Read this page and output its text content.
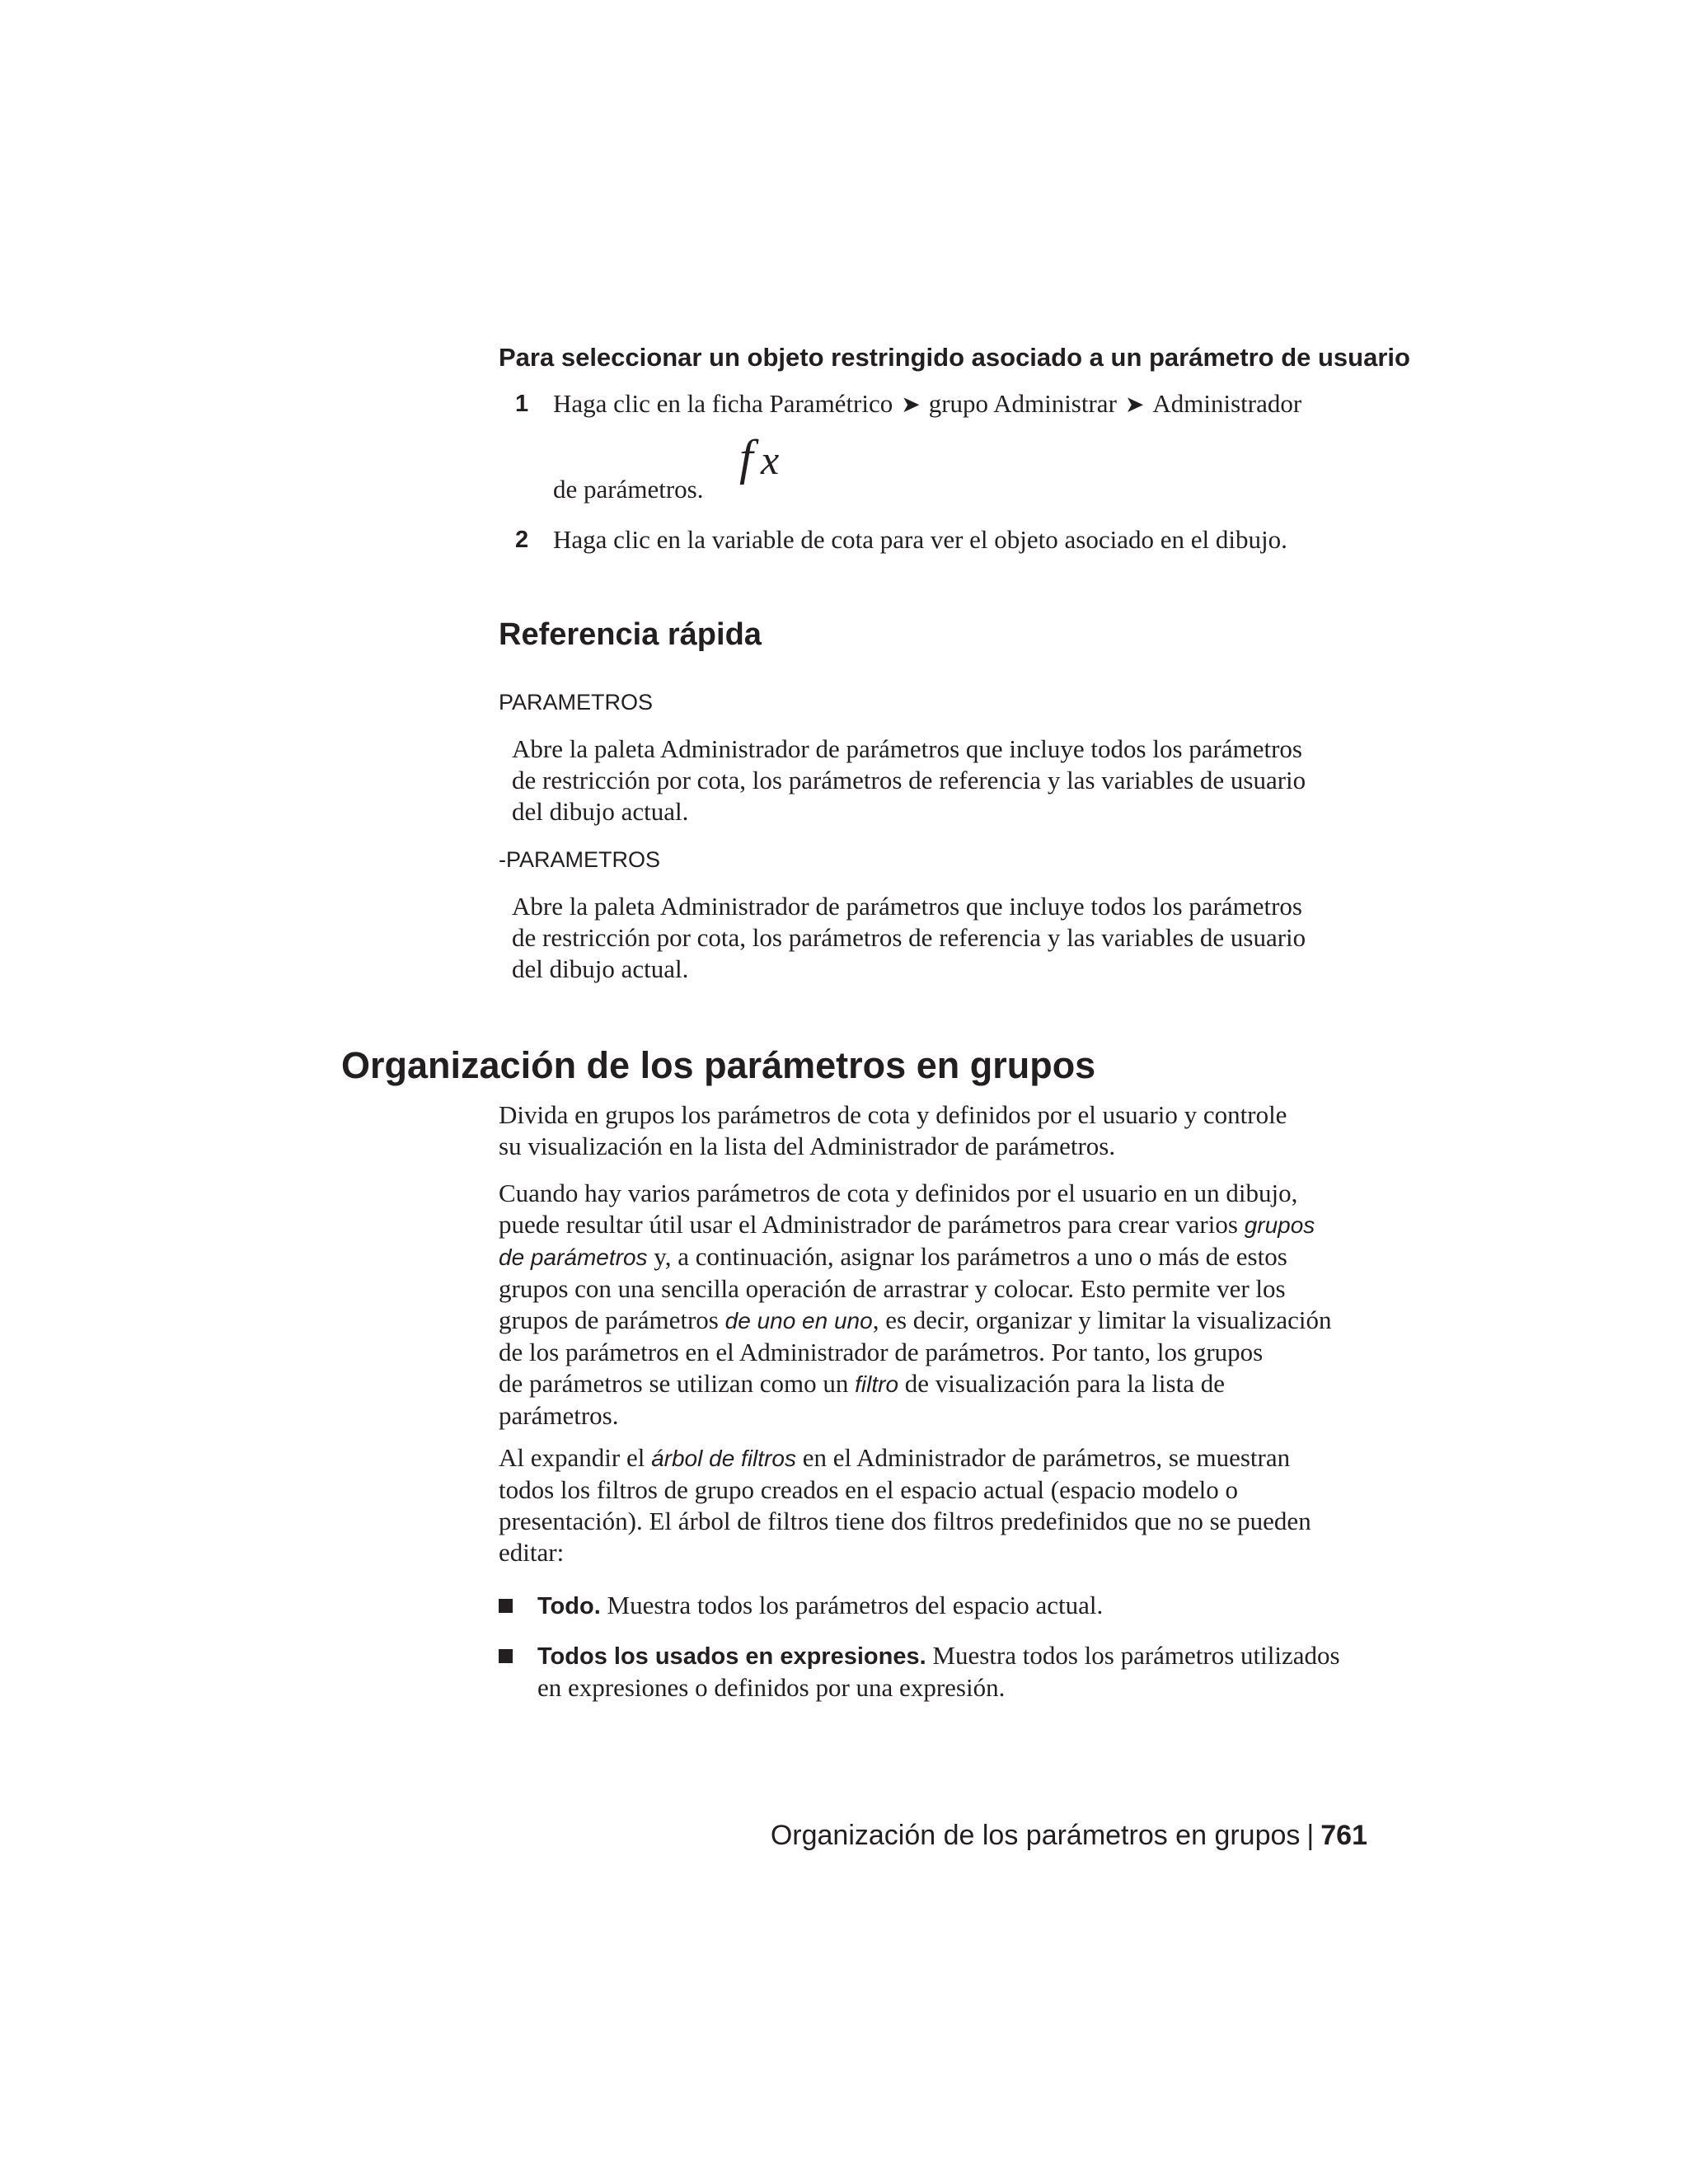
Para seleccionar un objeto restringido asociado a un parámetro de usuario
1 Haga clic en la ficha Paramétrico ➤ grupo Administrar ➤ Administrador
de parámetros.
f x
2 Haga clic en la variable de cota para ver el objeto asociado en el dibujo.
Referencia rápida
PARAMETROS
Abre la paleta Administrador de parámetros que incluye todos los parámetros
de restricción por cota, los parámetros de referencia y las variables de usuario
del dibujo actual.
-PARAMETROS
Abre la paleta Administrador de parámetros que incluye todos los parámetros
de restricción por cota, los parámetros de referencia y las variables de usuario
del dibujo actual.
Organización de los parámetros en grupos
Divida en grupos los parámetros de cota y definidos por el usuario y controle
su visualización en la lista del Administrador de parámetros.
Cuando hay varios parámetros de cota y definidos por el usuario en un dibujo,
puede resultar útil usar el Administrador de parámetros para crear varios grupos
de parámetros y, a continuación, asignar los parámetros a uno o más de estos
grupos con una sencilla operación de arrastrar y colocar. Esto permite ver los
grupos de parámetros de uno en uno, es decir, organizar y limitar la visualización
de los parámetros en el Administrador de parámetros. Por tanto, los grupos
de parámetros se utilizan como un filtro de visualización para la lista de
parámetros.
Al expandir el árbol de filtros en el Administrador de parámetros, se muestran
todos los filtros de grupo creados en el espacio actual (espacio modelo o
presentación). El árbol de filtros tiene dos filtros predefinidos que no se pueden
editar:
Todo. Muestra todos los parámetros del espacio actual.
Todos los usados en expresiones. Muestra todos los parámetros utilizados
en expresiones o definidos por una expresión.
Organización de los parámetros en grupos | 761
